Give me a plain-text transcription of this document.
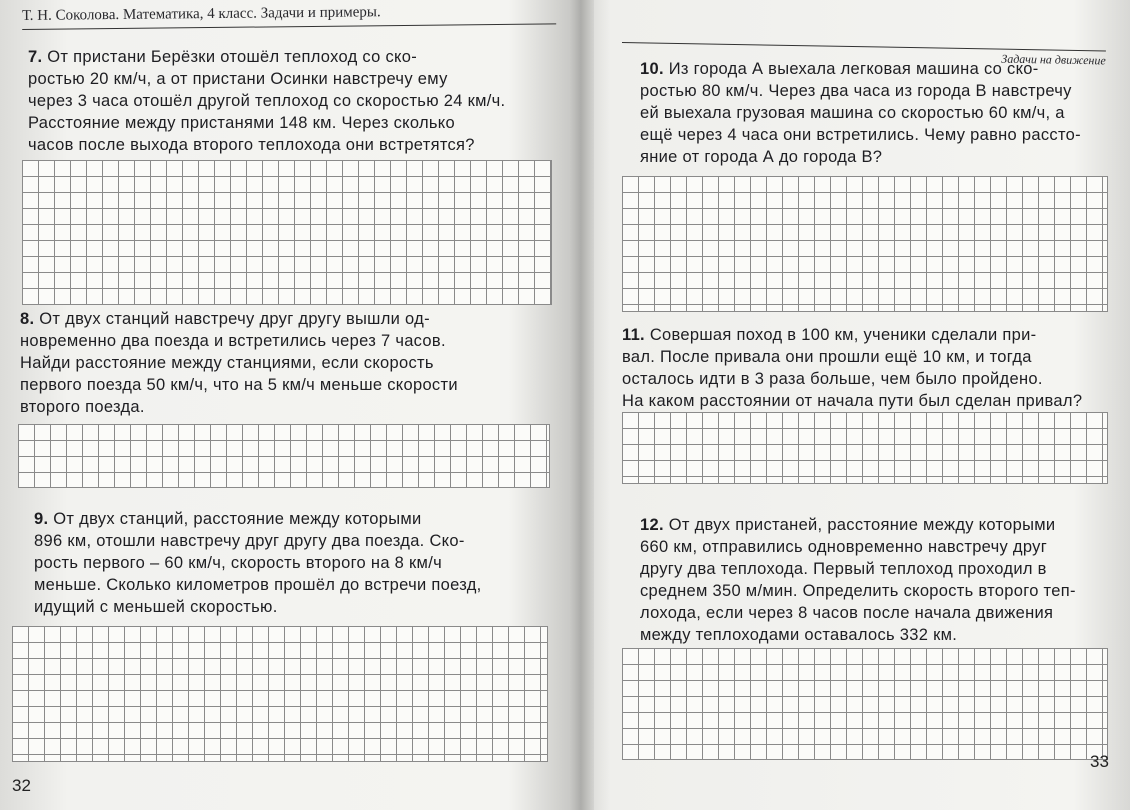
Т. Н. Соколова. Математика, 4 класс. Задачи и примеры.
7. От пристани Берёзки отошёл теплоход со ско-
ростью 20 км/ч, а от пристани Осинки навстречу ему
через 3 часа отошёл другой теплоход со скоростью 24 км/ч.
Расстояние между пристанями 148 км. Через сколько
часов после выхода второго теплохода они встретятся?
8. От двух станций навстречу друг другу вышли од-
новременно два поезда и встретились через 7 часов.
Найди расстояние между станциями, если скорость
первого поезда 50 км/ч, что на 5 км/ч меньше скорости
второго поезда.
9. От двух станций, расстояние между которыми
896 км, отошли навстречу друг другу два поезда. Ско-
рость первого – 60 км/ч, скорость второго на 8 км/ч
меньше. Сколько километров прошёл до встречи поезд,
идущий с меньшей скоростью.
32
Задачи на движение
10. Из города А выехала легковая машина со ско-
ростью 80 км/ч. Через два часа из города В навстречу
ей выехала грузовая машина со скоростью 60 км/ч, а
ещё через 4 часа они встретились. Чему равно рассто-
яние от города А до города В?
11. Совершая поход в 100 км, ученики сделали при-
вал. После привала они прошли ещё 10 км, и тогда
осталось идти в 3 раза больше, чем было пройдено.
На каком расстоянии от начала пути был сделан привал?
12. От двух пристаней, расстояние между которыми
660 км, отправились одновременно навстречу друг
другу два теплохода. Первый теплоход проходил в
среднем 350 м/мин. Определить скорость второго теп-
лохода, если через 8 часов после начала движения
между теплоходами оставалось 332 км.
33
